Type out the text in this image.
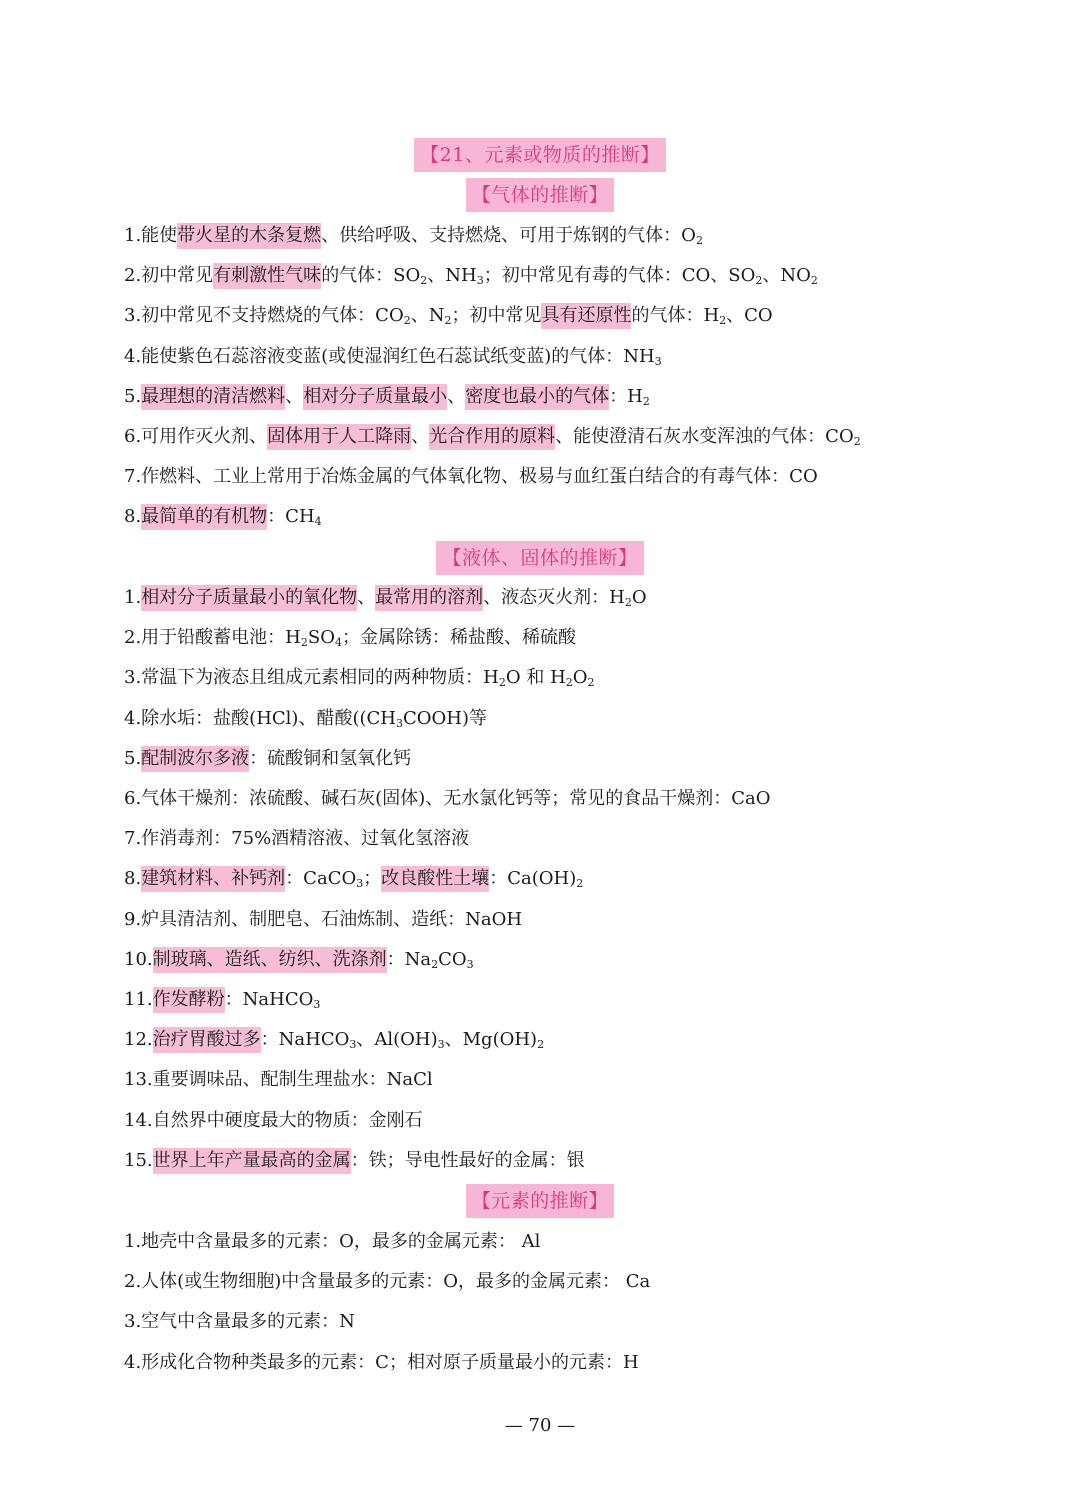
【21、元素或物质的推断】
【气体的推断】
1.能使带火星的木条复燃、供给呼吸、支持燃烧、可用于炼钢的气体：$O_2$
2.初中常见有刺激性气味的气体：$SO_2$、$NH_3$；初中常见有毒的气体：CO、$SO_2$、$NO_2$
3.初中常见不支持燃烧的气体：$CO_2$、$N_2$；初中常见具有还原性的气体：$H_2$、CO
4.能使紫色石蕊溶液变蓝(或使湿润红色石蕊试纸变蓝)的气体：$NH_3$
5.最理想的清洁燃料、相对分子质量最小、密度也最小的气体：$H_2$
6.可用作灭火剂、固体用于人工降雨、光合作用的原料、能使澄清石灰水变浑浊的气体：$CO_2$
7.作燃料、工业上常用于冶炼金属的气体氧化物、极易与血红蛋白结合的有毒气体：CO
8.最简单的有机物：$CH_4$
【液体、固体的推断】
1.相对分子质量最小的氧化物、最常用的溶剂、液态灭火剂：$H_2O$
2.用于铅酸蓄电池：$H_2SO_4$；金属除锈：稀盐酸、稀硫酸
3.常温下为液态且组成元素相同的两种物质：$H_2O$ 和 $H_2O_2$
4.除水垢：盐酸(HCl)、醋酸($(CH_3COOH)$等
5.配制波尔多液：硫酸铜和氢氧化钙
6.气体干燥剂：浓硫酸、碱石灰(固体)、无水氯化钙等；常见的食品干燥剂：CaO
7.作消毒剂：75%酒精溶液、过氧化氢溶液
8.建筑材料、补钙剂：CaCO$_3$；改良酸性土壤：$Ca(OH)_2$
9.炉具清洁剂、制肥皂、石油炼制、造纸：NaOH
10.制玻璃、造纸、纺织、洗涤剂：$Na_2CO_3$
11.作发酵粉：NaHCO$_3$
12.治疗胃酸过多：NaHCO$_3$、$Al(OH)_3$、$Mg(OH)_2$
13.重要调味品、配制生理盐水：NaCl
14.自然界中硬度最大的物质：金刚石
15.世界上年产量最高的金属：铁；导电性最好的金属：银
【元素的推断】
1.地壳中含量最多的元素：O，最多的金属元素： Al
2.人体(或生物细胞)中含量最多的元素：O，最多的金属元素： Ca
3.空气中含量最多的元素：N
4.形成化合物种类最多的元素：C；相对原子质量最小的元素：H
— 70 —
